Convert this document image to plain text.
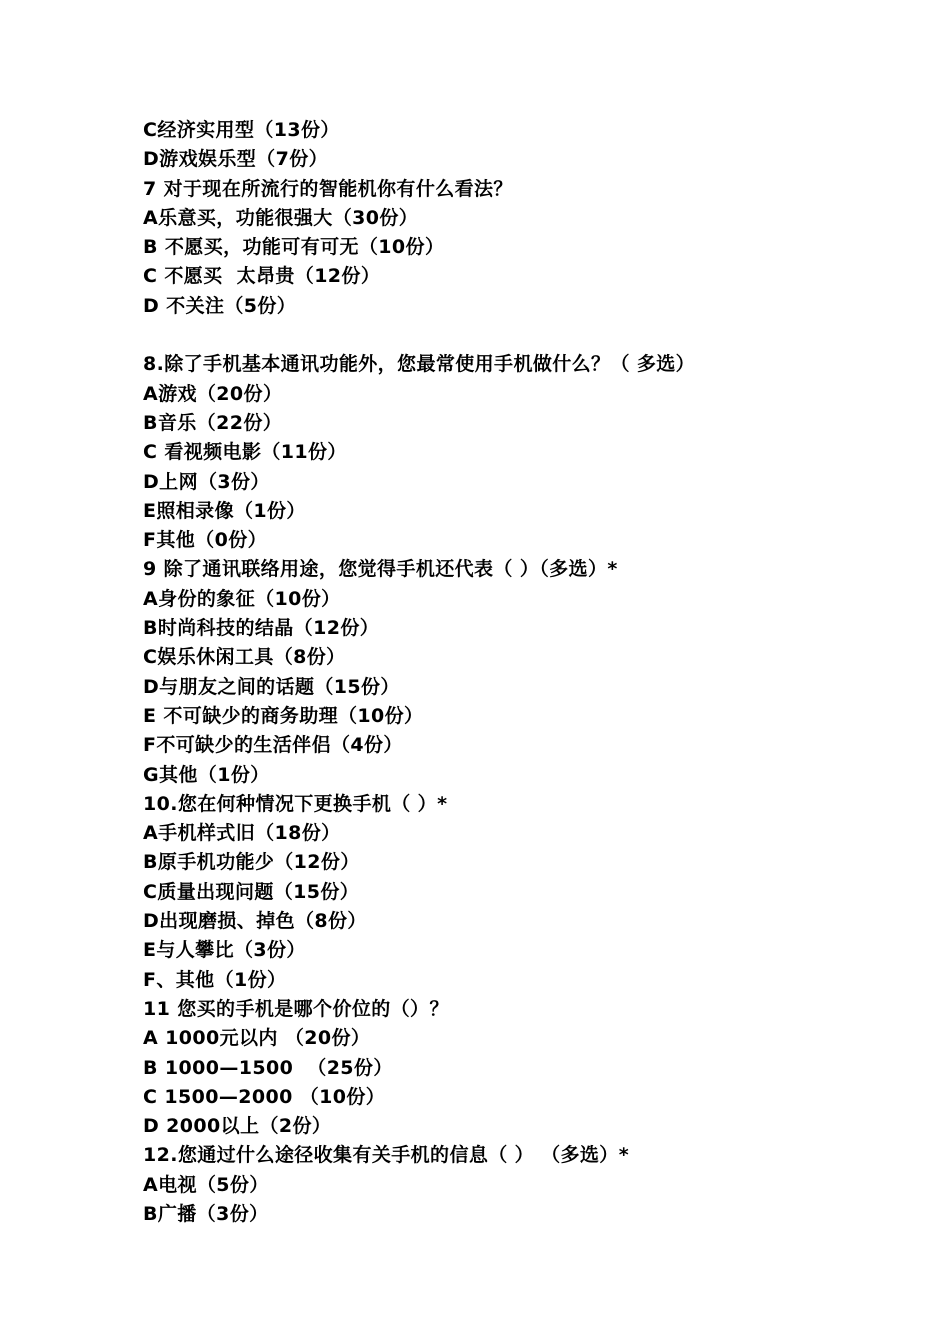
C经济实用型（13份）
D游戏娱乐型（7份）
7 对于现在所流行的智能机你有什么看法？
A乐意买，功能很强大（30份）
B 不愿买，功能可有可无（10份）
C 不愿买  太昂贵（12份）
D 不关注（5份）
8.除了手机基本通讯功能外，您最常使用手机做什么？（ 多选）
A游戏（20份）
B音乐（22份）
C 看视频电影（11份）
D上网（3份）
E照相录像（1份）
F其他（0份）
9 除了通讯联络用途，您觉得手机还代表（ ）（多选）*
A身份的象征（10份）
B时尚科技的结晶（12份）
C娱乐休闲工具（8份）
D与朋友之间的话题（15份）
E 不可缺少的商务助理（10份）
F不可缺少的生活伴侣（4份）
G其他（1份）
10.您在何种情况下更换手机（ ）*
A手机样式旧（18份）
B原手机功能少（12份）
C质量出现问题（15份）
D出现磨损、掉色（8份）
E与人攀比（3份）
F、其他（1份）
11 您买的手机是哪个价位的（）？
A 1000元以内 （20份）
B 1000—1500  （25份）
C 1500—2000 （10份）
D 2000以上（2份）
12.您通过什么途径收集有关手机的信息（ ） （多选）*
A电视（5份）
B广播（3份）
